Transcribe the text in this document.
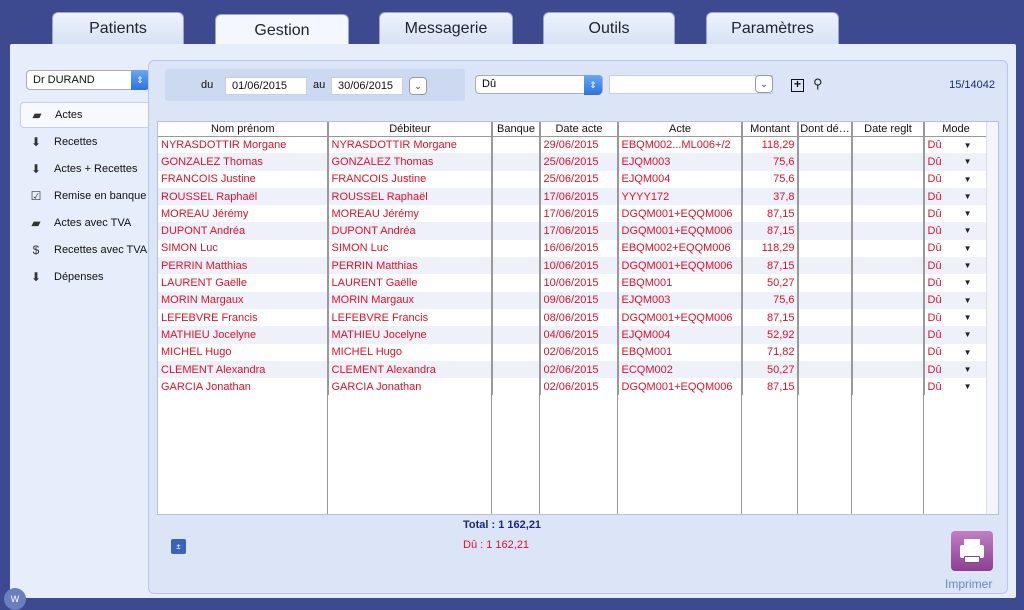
Patients	Gestion	Messagerie	Outils	Paramètres
Dr DURAND	⇕
▰	Actes
⬇ Recettes
⬇ Actes + Recettes
☑ Remise en banque
▰	Actes avec TVA
$	Recettes avec TVA
⬇ Dépenses
du	01/06/2015	au	30/06/2015	⌄	Dû	⇕	⌄	+ ⚲	15/14042
Nom prénom	Débiteur	Banque	Date acte	Acte	Montant	Dont dé…	Date reglt	Mode
NYRASDOTTIR Morgane	NYRASDOTTIR Morgane		29/06/2015	EBQM002...ML006+/2	118,29			Dû ▼

GONZALEZ Thomas	GONZALEZ Thomas		25/06/2015	EJQM003	75,6			Dû ▼

FRANCOIS Justine	FRANCOIS Justine		25/06/2015	EJQM004	75,6			Dû ▼

ROUSSEL Raphaël	ROUSSEL Raphaël		17/06/2015	YYYY172	37,8			Dû ▼

MOREAU Jérémy	MOREAU Jérémy		17/06/2015	DGQM001+EQQM006	87,15			Dû ▼

DUPONT Andréa	DUPONT Andréa		17/06/2015	DGQM001+EQQM006	87,15			Dû ▼

SIMON Luc	SIMON Luc		16/06/2015	EBQM002+EQQM006	118,29			Dû ▼

PERRIN Matthias	PERRIN Matthias		10/06/2015	DGQM001+EQQM006	87,15			Dû ▼

LAURENT Gaëlle	LAURENT Gaëlle		10/06/2015	EBQM001	50,27			Dû ▼

MORIN Margaux	MORIN Margaux		09/06/2015	EJQM003	75,6			Dû ▼

LEFEBVRE Francis	LEFEBVRE Francis		08/06/2015	DGQM001+EQQM006	87,15			Dû ▼

MATHIEU Jocelyne	MATHIEU Jocelyne		04/06/2015	EJQM004	52,92			Dû ▼

MICHEL Hugo	MICHEL Hugo		02/06/2015	EBQM001	71,82			Dû ▼

CLEMENT Alexandra	CLEMENT Alexandra		02/06/2015	ECQM002	50,27			Dû ▼

GARCIA Jonathan	GARCIA Jonathan		02/06/2015	DGQM001+EQQM006	87,15			Dû ▼
±
Total : 1 162,21
Dû : 1 162,21
Imprimer
W
